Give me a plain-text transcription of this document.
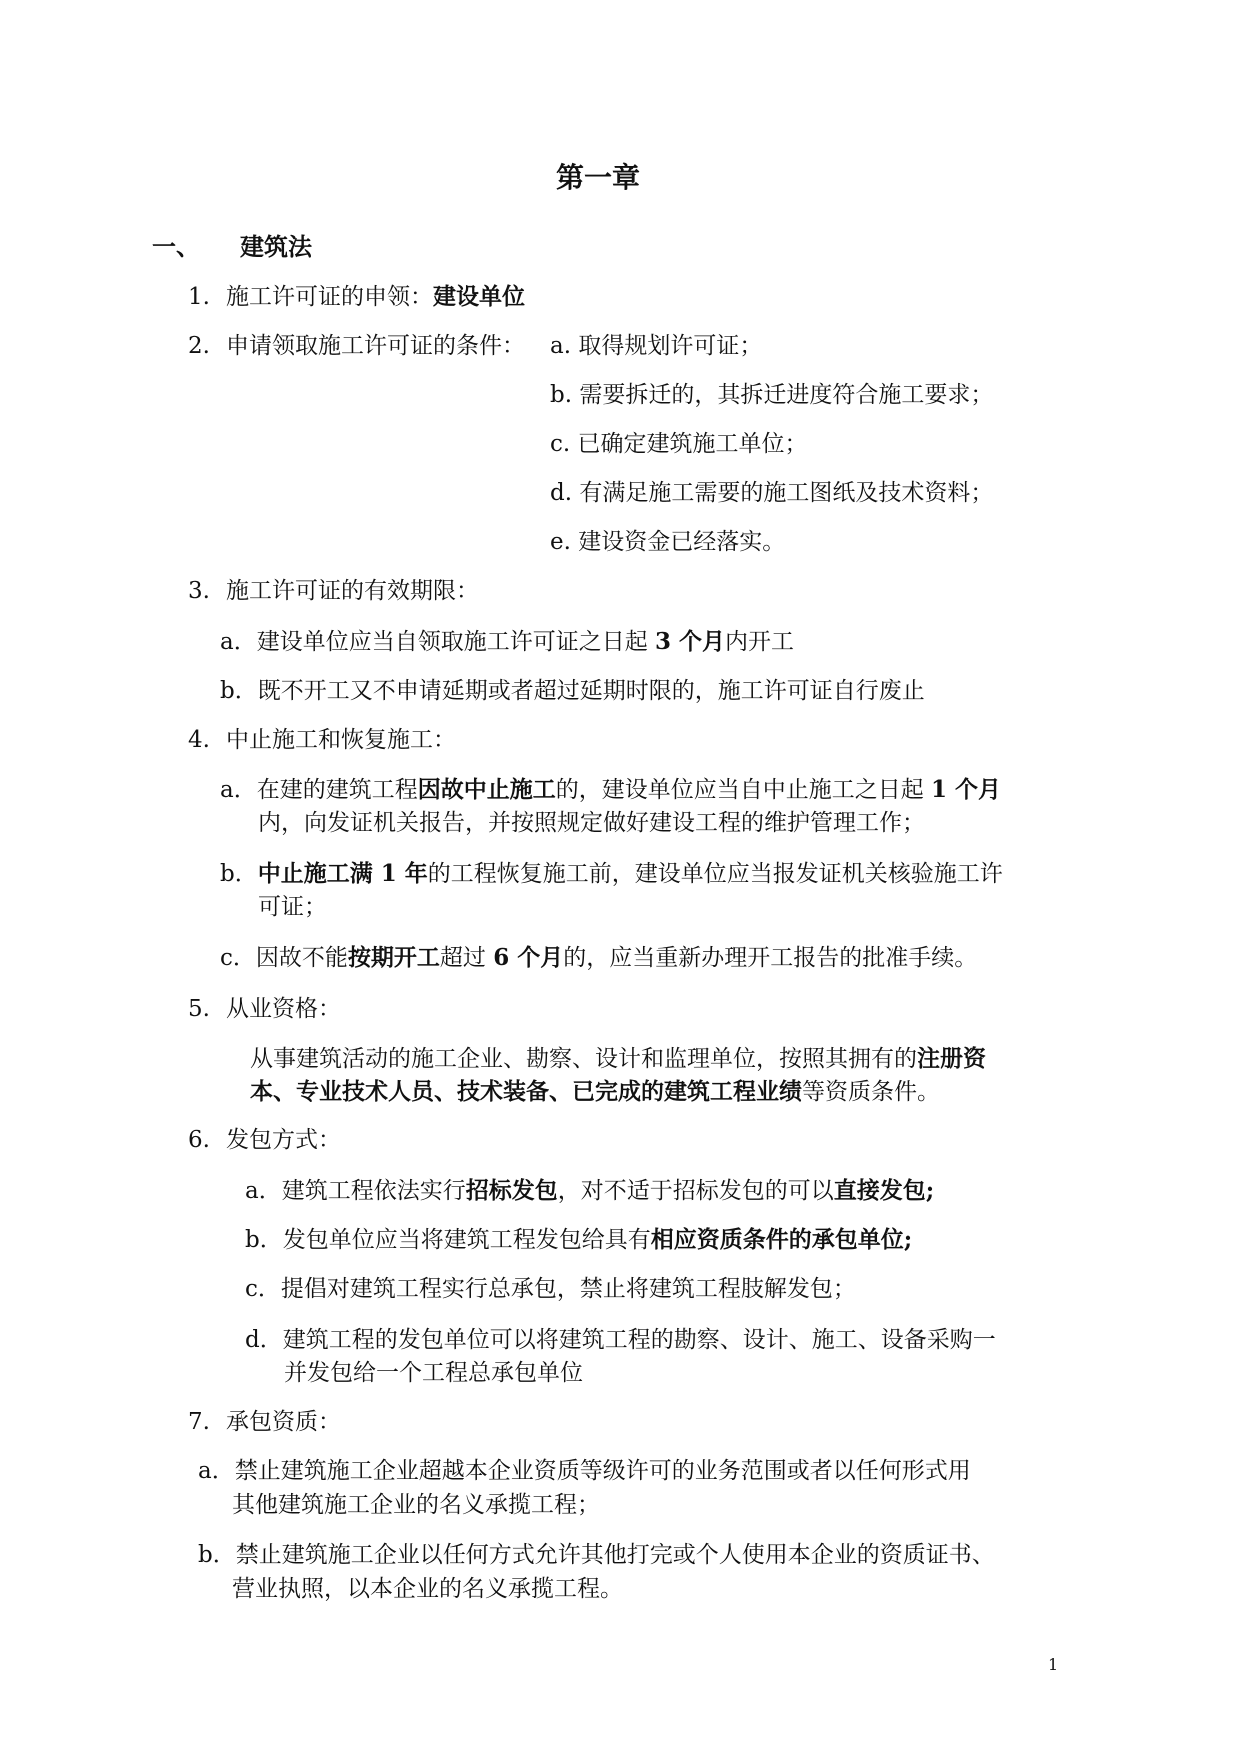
第一章
一、 建筑法
1. 施工许可证的申领：建设单位
2. 申请领取施工许可证的条件： a. 取得规划许可证；
b. 需要拆迁的，其拆迁进度符合施工要求；
c. 已确定建筑施工单位；
d. 有满足施工需要的施工图纸及技术资料；
e. 建设资金已经落实。
3. 施工许可证的有效期限：
a．建设单位应当自领取施工许可证之日起 3 个月内开工
b．既不开工又不申请延期或者超过延期时限的，施工许可证自行废止
4. 中止施工和恢复施工：
a．在建的建筑工程因故中止施工的，建设单位应当自中止施工之日起 1 个月
内，向发证机关报告，并按照规定做好建设工程的维护管理工作；
b．中止施工满 1 年的工程恢复施工前，建设单位应当报发证机关核验施工许
可证；
c．因故不能按期开工超过 6 个月的，应当重新办理开工报告的批准手续。
5. 从业资格：
从事建筑活动的施工企业、勘察、设计和监理单位，按照其拥有的注册资
本、专业技术人员、技术装备、已完成的建筑工程业绩等资质条件。
6. 发包方式：
a．建筑工程依法实行招标发包，对不适于招标发包的可以直接发包;
b．发包单位应当将建筑工程发包给具有相应资质条件的承包单位;
c．提倡对建筑工程实行总承包，禁止将建筑工程肢解发包；
d．建筑工程的发包单位可以将建筑工程的勘察、设计、施工、设备采购一
并发包给一个工程总承包单位
7. 承包资质：
a．禁止建筑施工企业超越本企业资质等级许可的业务范围或者以任何形式用
其他建筑施工企业的名义承揽工程；
b．禁止建筑施工企业以任何方式允许其他打完或个人使用本企业的资质证书、
营业执照，以本企业的名义承揽工程。
1
